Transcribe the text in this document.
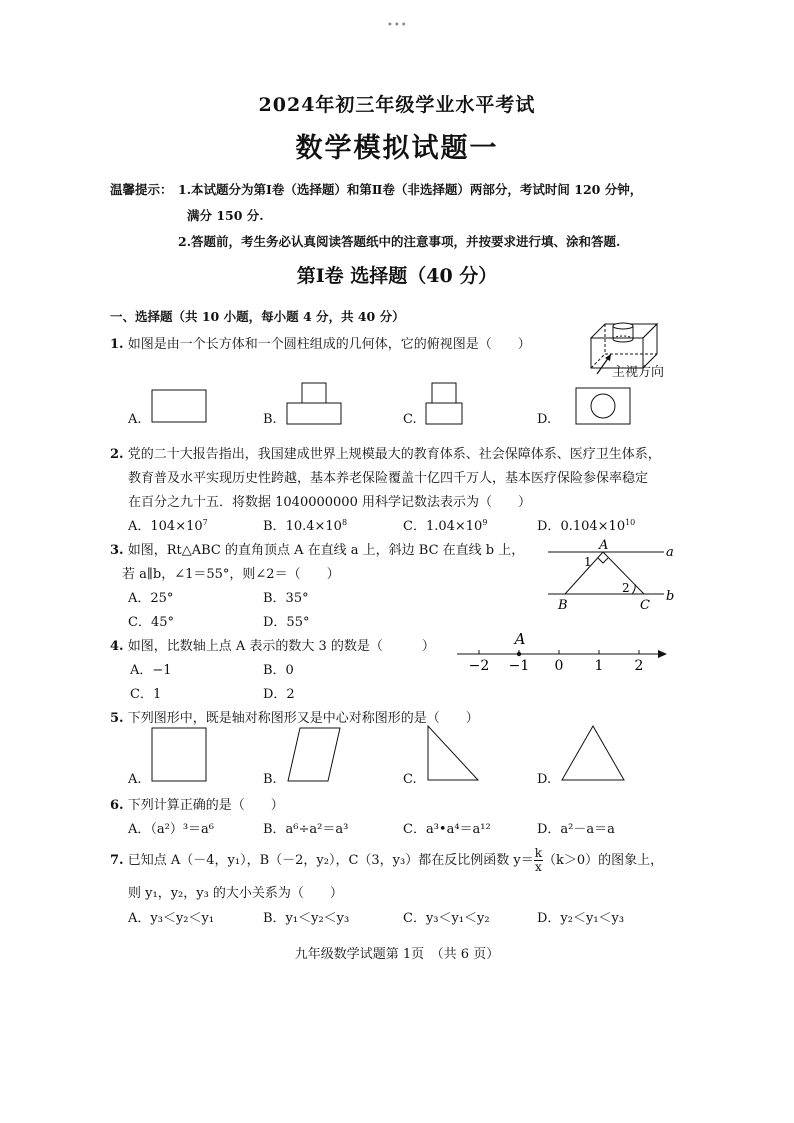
•••
2024年初三年级学业水平考试
数学模拟试题一
温馨提示： 1.本试题分为第Ⅰ卷（选择题）和第Ⅱ卷（非选择题）两部分，考试时间 120 分钟，
满分 150 分.
2.答题前，考生务必认真阅读答题纸中的注意事项，并按要求进行填、涂和答题.
第Ⅰ卷 选择题（40 分）
一、选择题（共 10 小题，每小题 4 分，共 40 分）
1. 如图是由一个长方体和一个圆柱组成的几何体，它的俯视图是（　　）
主视方向
A.	B.	C.	D.
2. 党的二十大报告指出，我国建成世界上规模最大的教育体系、社会保障体系、医疗卫生体系，
教育普及水平实现历史性跨越，基本养老保险覆盖十亿四千万人，基本医疗保险参保率稳定
在百分之九十五．将数据 1040000000 用科学记数法表示为（　　）
A．$104\times 10^7$	B．$10.4\times 10^8$	C．$1.04\times 10^9$	D．$0.104\times 10^{10}$
3. 如图，Rt△ABC 的直角顶点 A 在直线 a 上，斜边 BC 在直线 b 上，
若 a∥b，∠1＝55°，则∠2＝（　　）
A．25°	B．35°
C．45°	D．55°
A
B	C
a
b
1
2
4. 如图，比数轴上点 A 表示的数大 3 的数是（　　　）
A．−1	B．0
C．1	D．2
−2 −1 0 1 2
A
5. 下列图形中，既是轴对称图形又是中心对称图形的是（　　）
A.	B.	C.	D.
6. 下列计算正确的是（　　）
A．（a²）³＝a⁶	B．a⁶÷a²＝a³	C．a³•a⁴＝a¹²	D．a²－a＝a
7. 已知点 A（－4，y₁），B（－2，y₂），C（3，y₃）都在反比例函数 $y= \frac{k}{x} (k>0)$的图象上，
则 y₁，y₂，y₃ 的大小关系为（　　）
A．y₃＜y₂＜y₁	B．y₁＜y₂＜y₃	C．y₃＜y₁＜y₂	D．y₂＜y₁＜y₃
九年级数学试题第 1页　（共 6 页）
